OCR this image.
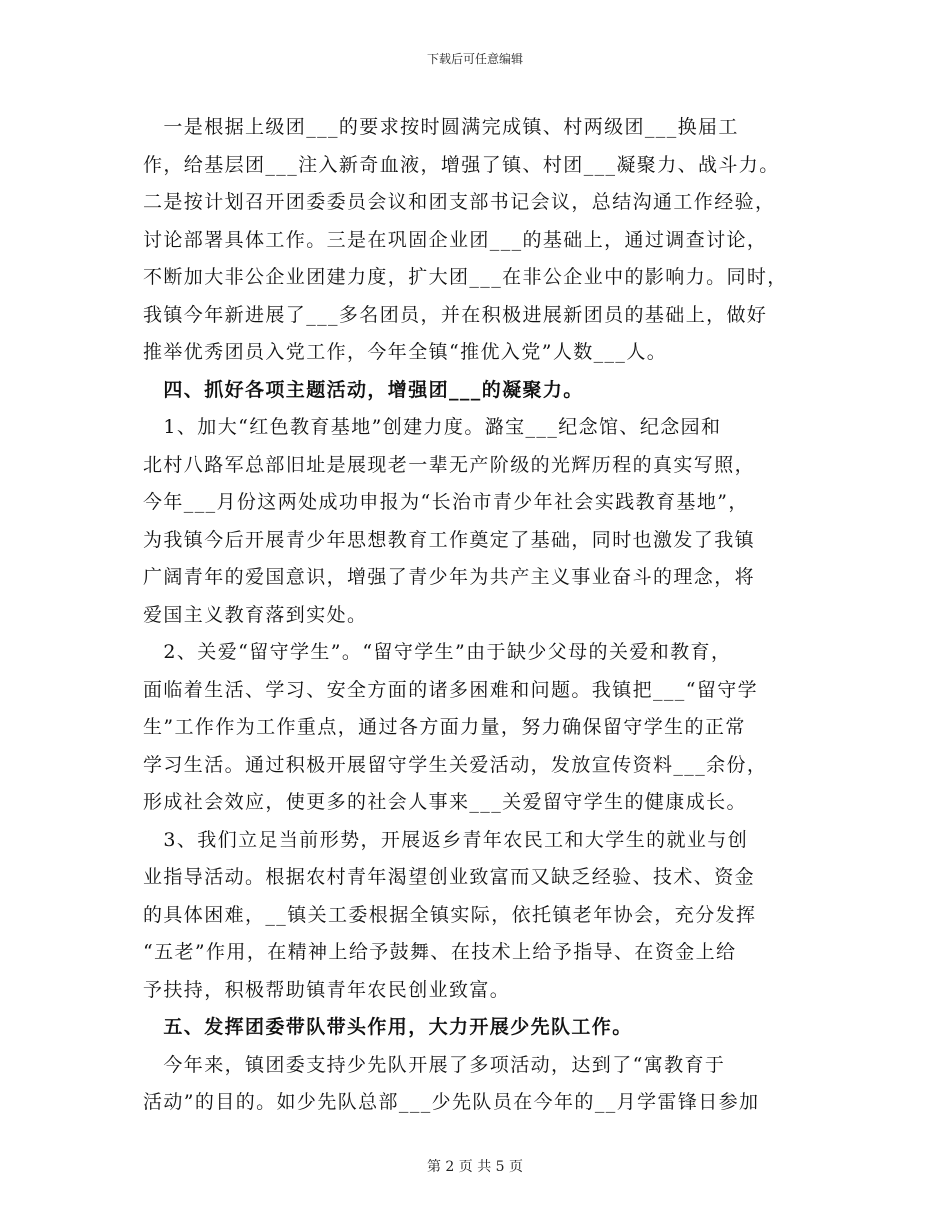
下载后可任意编辑
　一是根据上级团___的要求按时圆满完成镇、村两级团___换届工
作，给基层团___注入新奇血液，增强了镇、村团___凝聚力、战斗力。
二是按计划召开团委委员会议和团支部书记会议，总结沟通工作经验，
讨论部署具体工作。三是在巩固企业团___的基础上，通过调查讨论，
不断加大非公企业团建力度，扩大团___在非公企业中的影响力。同时，
我镇今年新进展了___多名团员，并在积极进展新团员的基础上，做好
推举优秀团员入党工作，今年全镇“推优入党”人数___人。
　四、抓好各项主题活动，增强团___的凝聚力。
　1、加大“红色教育基地”创建力度。潞宝___纪念馆、纪念园和
北村八路军总部旧址是展现老一辈无产阶级的光辉历程的真实写照，
今年___月份这两处成功申报为“长治市青少年社会实践教育基地”，
为我镇今后开展青少年思想教育工作奠定了基础，同时也激发了我镇
广阔青年的爱国意识，增强了青少年为共产主义事业奋斗的理念，将
爱国主义教育落到实处。
　2、关爱“留守学生”。“留守学生”由于缺少父母的关爱和教育，
面临着生活、学习、安全方面的诸多困难和问题。我镇把___“留守学
生”工作作为工作重点，通过各方面力量，努力确保留守学生的正常
学习生活。通过积极开展留守学生关爱活动，发放宣传资料___余份，
形成社会效应，使更多的社会人事来___关爱留守学生的健康成长。
　3、我们立足当前形势，开展返乡青年农民工和大学生的就业与创
业指导活动。根据农村青年渴望创业致富而又缺乏经验、技术、资金
的具体困难，__镇关工委根据全镇实际，依托镇老年协会，充分发挥
“五老”作用，在精神上给予鼓舞、在技术上给予指导、在资金上给
予扶持，积极帮助镇青年农民创业致富。
　五、发挥团委带队带头作用，大力开展少先队工作。
　今年来，镇团委支持少先队开展了多项活动，达到了“寓教育于
活动”的目的。如少先队总部___少先队员在今年的__月学雷锋日参加
第 2 页 共 5 页
